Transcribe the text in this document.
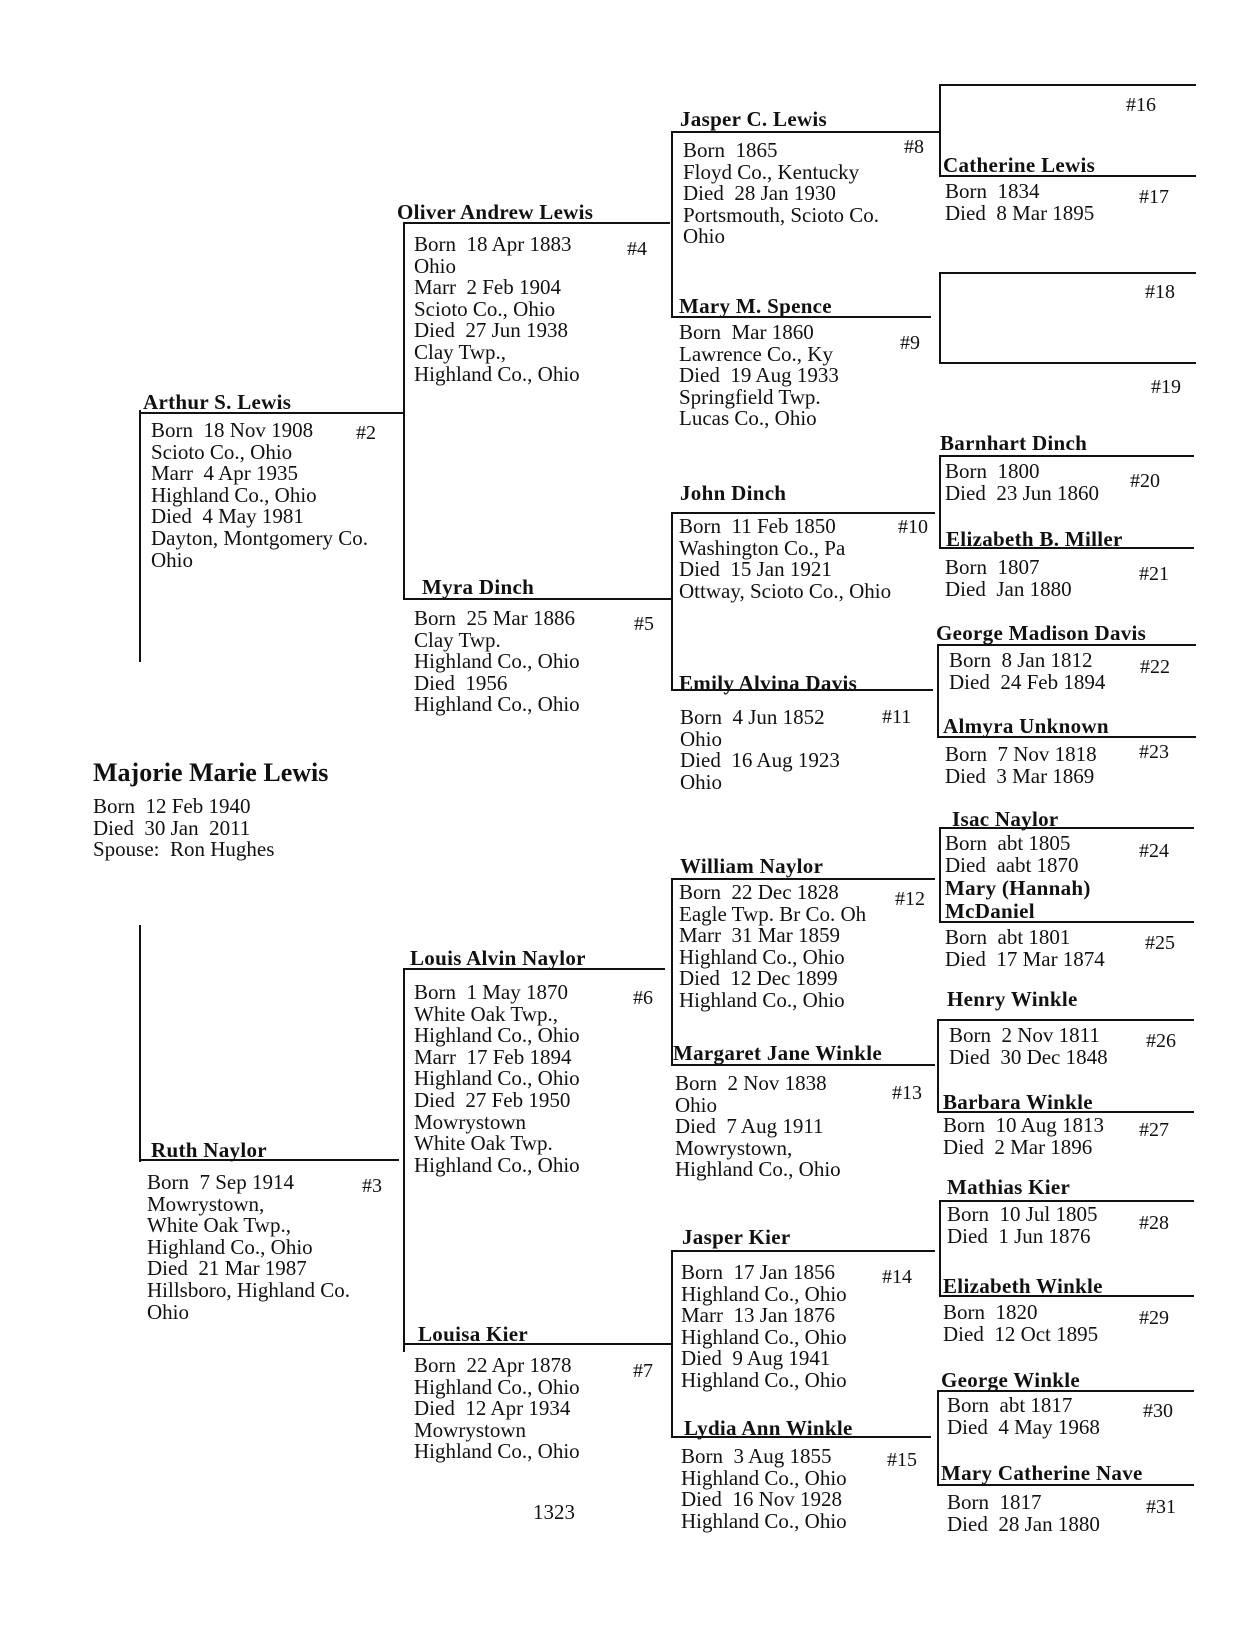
Majorie Marie Lewis
Born  12 Feb 1940
Died  30 Jan  2011
Spouse:  Ron Hughes
1323
Arthur S. Lewis
#2
Born  18 Nov 1908
Scioto Co., Ohio
Marr  4 Apr 1935
Highland Co., Ohio
Died  4 May 1981
Dayton, Montgomery Co.
Ohio
Ruth Naylor
#3
Born  7 Sep 1914
Mowrystown,
White Oak Twp.,
Highland Co., Ohio
Died  21 Mar 1987
Hillsboro, Highland Co.
Ohio
Oliver Andrew Lewis
#4
Born  18 Apr 1883
Ohio
Marr  2 Feb 1904
Scioto Co., Ohio
Died  27 Jun 1938
Clay Twp.,
Highland Co., Ohio
Myra Dinch
#5
Born  25 Mar 1886
Clay Twp.
Highland Co., Ohio
Died  1956
Highland Co., Ohio
Louis Alvin Naylor
#6
Born  1 May 1870
White Oak Twp.,
Highland Co., Ohio
Marr  17 Feb 1894
Highland Co., Ohio
Died  27 Feb 1950
Mowrystown
White Oak Twp.
Highland Co., Ohio
Louisa Kier
#7
Born  22 Apr 1878
Highland Co., Ohio
Died  12 Apr 1934
Mowrystown
Highland Co., Ohio
Jasper C. Lewis
#8
Born  1865
Floyd Co., Kentucky
Died  28 Jan 1930
Portsmouth, Scioto Co.
Ohio
Mary M. Spence
#9
Born  Mar 1860
Lawrence Co., Ky
Died  19 Aug 1933
Springfield Twp.
Lucas Co., Ohio
John Dinch
#10
Born  11 Feb 1850
Washington Co., Pa
Died  15 Jan 1921
Ottway, Scioto Co., Ohio
Emily Alvina Davis
#11
Born  4 Jun 1852
Ohio
Died  16 Aug 1923
Ohio
William Naylor
#12
Born  22 Dec 1828
Eagle Twp. Br Co. Oh
Marr  31 Mar 1859
Highland Co., Ohio
Died  12 Dec 1899
Highland Co., Ohio
Margaret Jane Winkle
#13
Born  2 Nov 1838
Ohio
Died  7 Aug 1911
Mowrystown,
Highland Co., Ohio
Jasper Kier
#14
Born  17 Jan 1856
Highland Co., Ohio
Marr  13 Jan 1876
Highland Co., Ohio
Died  9 Aug 1941
Highland Co., Ohio
Lydia Ann Winkle
#15
Born  3 Aug 1855
Highland Co., Ohio
Died  16 Nov 1928
Highland Co., Ohio
#16
Catherine Lewis
#17
Born  1834
Died  8 Mar 1895
#18
#19
Barnhart Dinch
#20
Born  1800
Died  23 Jun 1860
Elizabeth B. Miller
#21
Born  1807
Died  Jan 1880
George Madison Davis
#22
Born  8 Jan 1812
Died  24 Feb 1894
Almyra Unknown
#23
Born  7 Nov 1818
Died  3 Mar 1869
Isac Naylor
#24
Born  abt 1805
Died  aabt 1870
Mary (Hannah)
McDaniel
#25
Born  abt 1801
Died  17 Mar 1874
Henry Winkle
#26
Born  2 Nov 1811
Died  30 Dec 1848
Barbara Winkle
#27
Born  10 Aug 1813
Died  2 Mar 1896
Mathias Kier
#28
Born  10 Jul 1805
Died  1 Jun 1876
Elizabeth Winkle
#29
Born  1820
Died  12 Oct 1895
George Winkle
#30
Born  abt 1817
Died  4 May 1968
Mary Catherine Nave
#31
Born  1817
Died  28 Jan 1880
